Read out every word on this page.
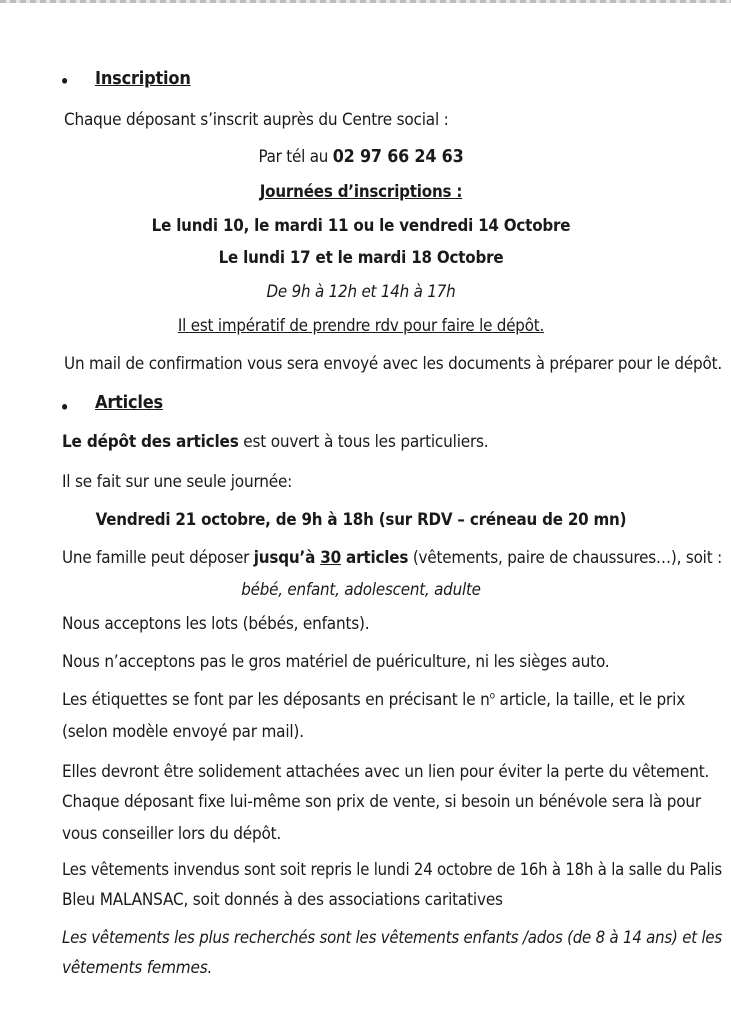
• Inscription
Chaque déposant s’inscrit auprès du Centre social :
Par tél au 02 97 66 24 63
Journées d’inscriptions :
Le lundi 10, le mardi 11 ou le vendredi 14 Octobre
Le lundi 17 et le mardi 18 Octobre
De 9h à 12h et 14h à 17h
Il est impératif de prendre rdv pour faire le dépôt.
Un mail de confirmation vous sera envoyé avec les documents à préparer pour le dépôt.
• Articles
Le dépôt des articles est ouvert à tous les particuliers.
Il se fait sur une seule journée:
Vendredi 21 octobre, de 9h à 18h (sur RDV – créneau de 20 mn)
Une famille peut déposer jusqu’à 30 articles (vêtements, paire de chaussures…), soit :
bébé, enfant, adolescent, adulte
Nous acceptons les lots (bébés, enfants).
Nous n’acceptons pas le gros matériel de puériculture, ni les sièges auto.
Les étiquettes se font par les déposants en précisant le $n^o$ article, la taille, et le prix
(selon modèle envoyé par mail).
Elles devront être solidement attachées avec un lien pour éviter la perte du vêtement.
Chaque déposant fixe lui-même son prix de vente, si besoin un bénévole sera là pour
vous conseiller lors du dépôt.
Les vêtements invendus sont soit repris le lundi 24 octobre de 16h à 18h à la salle du Palis
Bleu MALANSAC, soit donnés à des associations caritatives
Les vêtements les plus recherchés sont les vêtements enfants /ados (de 8 à 14 ans) et les
vêtements femmes.
